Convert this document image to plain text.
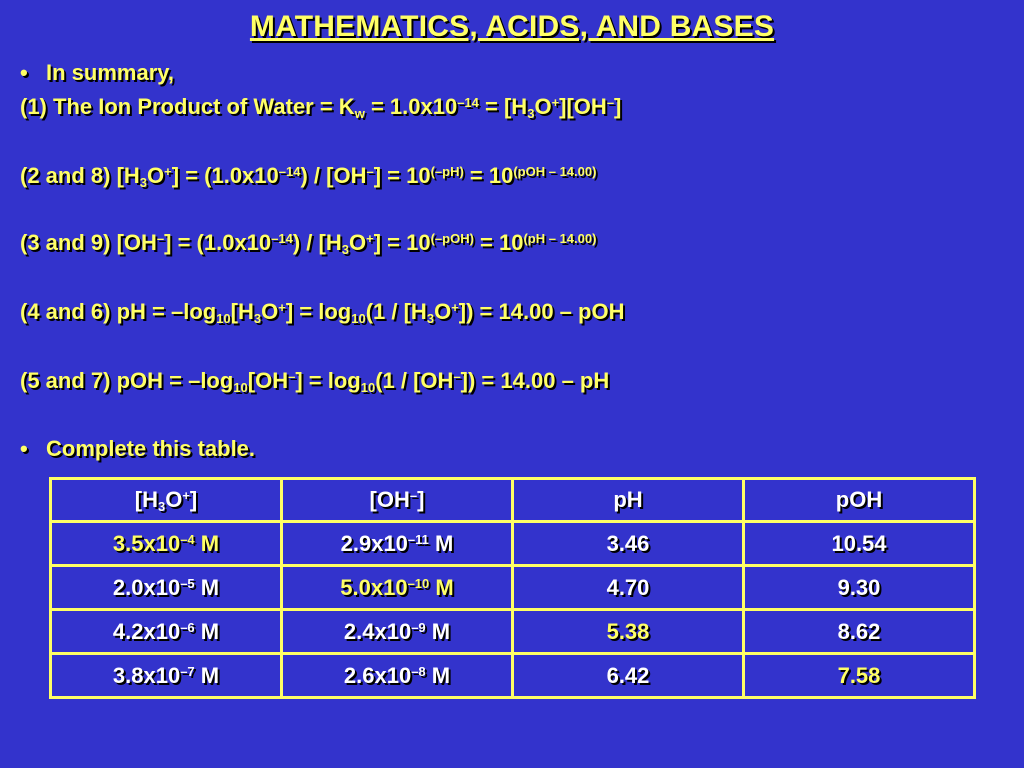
MATHEMATICS, ACIDS, AND BASES
• In summary,
(1) The Ion Product of Water = $K_w = 1.0x10^{-14} = [H_3O^+][OH^-]$
(2 and 8) $[H_3O^+] = (1.0x10^{-14}) / [OH^-] = 10^{(-pH)} = 10^{(pOH - 14.00)}$
(3 and 9) $[OH^-] = (1.0x10^{-14}) / [H_3O^+] = 10^{(-pOH)} = 10^{(pH - 14.00)}$
(4 and 6) pH = $-\log_{10}[H_3O^+] = \log_{10}(1 / [H_3O^+]) = 14.00$ – pOH
(5 and 7) pOH = $-\log_{10}[OH^-] = \log_{10}(1 / [OH^-]) = 14.00$ – pH
• Complete this table.
$[H_3O^+]$	[OH–]	pH	pOH
$3.5x10^{-4}$ M	$2.9x10^{-11}$ M	3.46	10.54
$2.0x10^{-5}$ M	$5.0x10^{-10}$ M	4.70	9.30
$4.2x10^{-6}$ M	$2.4x10^{-9}$ M	5.38	8.62
$3.8x10^{-7}$ M	$2.6x10^{-8}$ M	6.42	7.58
